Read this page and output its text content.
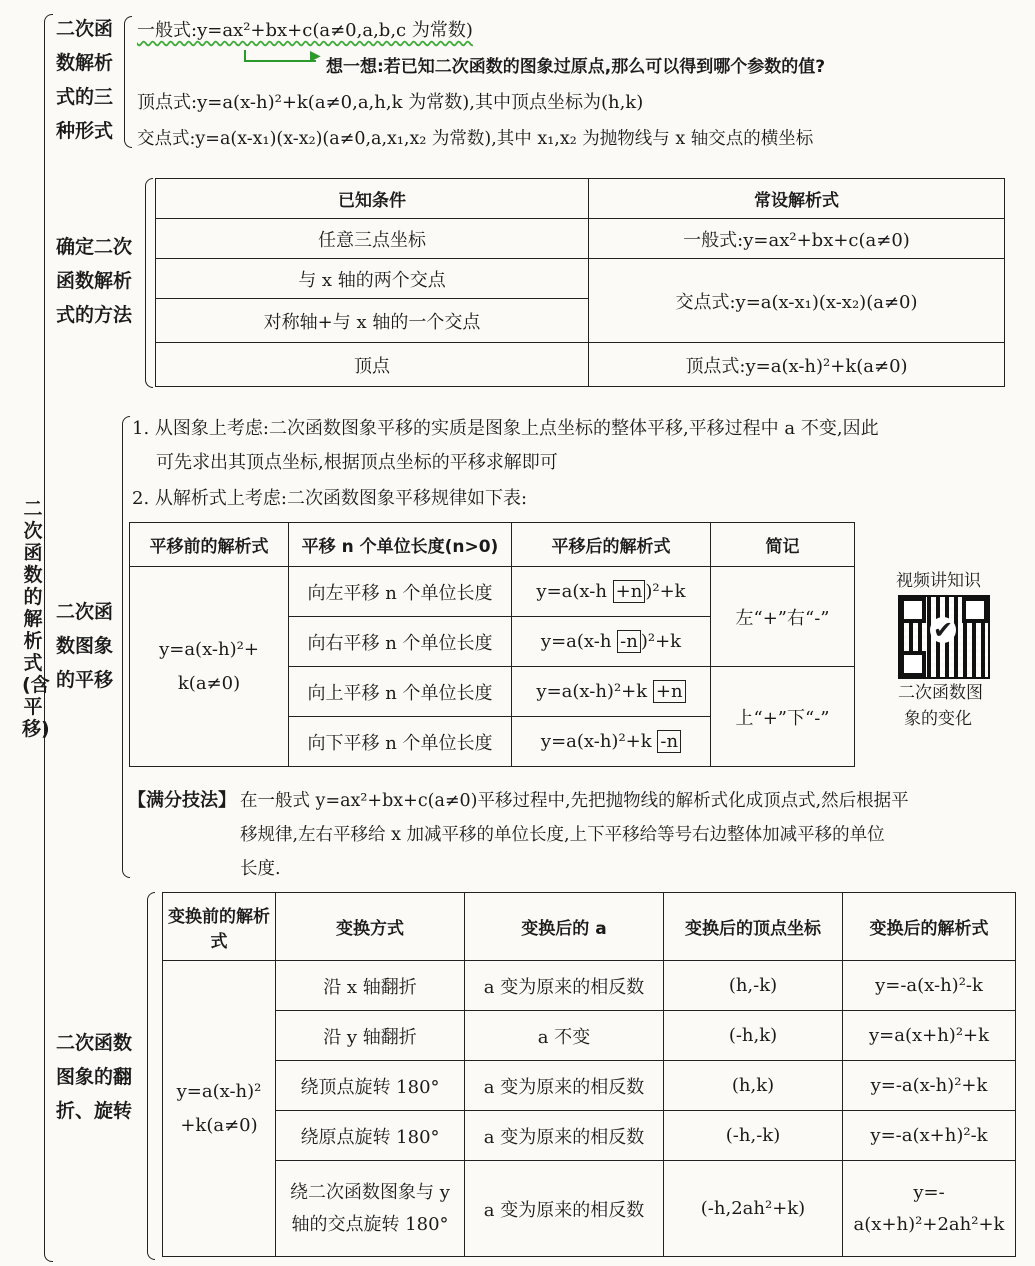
二次函数的解析式(含平移)
二次函数解析式的三种形式
一般式:y=ax²+bx+c(a≠0,a,b,c 为常数)
▶
想一想:若已知二次函数的图象过原点,那么可以得到哪个参数的值?
顶点式:y=a(x-h)²+k(a≠0,a,h,k 为常数),其中顶点坐标为(h,k)
交点式:y=a(x-x₁)(x-x₂)(a≠0,a,x₁,x₂ 为常数),其中 x₁,x₂ 为抛物线与 x 轴交点的横坐标
确定二次函数解析式的方法
已知条件	常设解析式
任意三点坐标	一般式:y=ax²+bx+c(a≠0)
与 x 轴的两个交点	交点式:y=a(x-x₁)(x-x₂)(a≠0)
对称轴+与 x 轴的一个交点	
顶点	顶点式:y=a(x-h)²+k(a≠0)
二次函数图象的平移
1. 从图象上考虑:二次函数图象平移的实质是图象上点坐标的整体平移,平移过程中 a 不变,因此
可先求出其顶点坐标,根据顶点坐标的平移求解即可
2. 从解析式上考虑:二次函数图象平移规律如下表:
平移前的解析式	平移 n 个单位长度(n>0)	平移后的解析式	简记
y=a(x-h)²+
k(a≠0)	向左平移 n 个单位长度	y=a(x-h +n )²+k	左“+”右“-”
	向右平移 n 个单位长度	y=a(x-h -n )²+k	
	向上平移 n 个单位长度	y=a(x-h)²+k +n	上“+”下“-”
	向下平移 n 个单位长度	y=a(x-h)²+k -n	
视频讲知识
✔
二次函数图
象的变化
【满分技法】 在一般式 y=ax²+bx+c(a≠0)平移过程中,先把抛物线的解析式化成顶点式,然后根据平
移规律,左右平移给 x 加减平移的单位长度,上下平移给等号右边整体加减平移的单位
长度.
二次函数图象的翻折、旋转
变换前的解析式	变换方式	变换后的 a	变换后的顶点坐标	变换后的解析式
y=a(x-h)²
+k(a≠0)	沿 x 轴翻折	a 变为原来的相反数	(h,-k)	y=-a(x-h)²-k
	沿 y 轴翻折	a 不变	(-h,k)	y=a(x+h)²+k
	绕顶点旋转 180°	a 变为原来的相反数	(h,k)	y=-a(x-h)²+k
	绕原点旋转 180°	a 变为原来的相反数	(-h,-k)	y=-a(x+h)²-k
	绕二次函数图象与 y 轴的交点旋转 180°	a 变为原来的相反数	(-h,2ah²+k)	y=-a(x+h)²+2ah²+k
